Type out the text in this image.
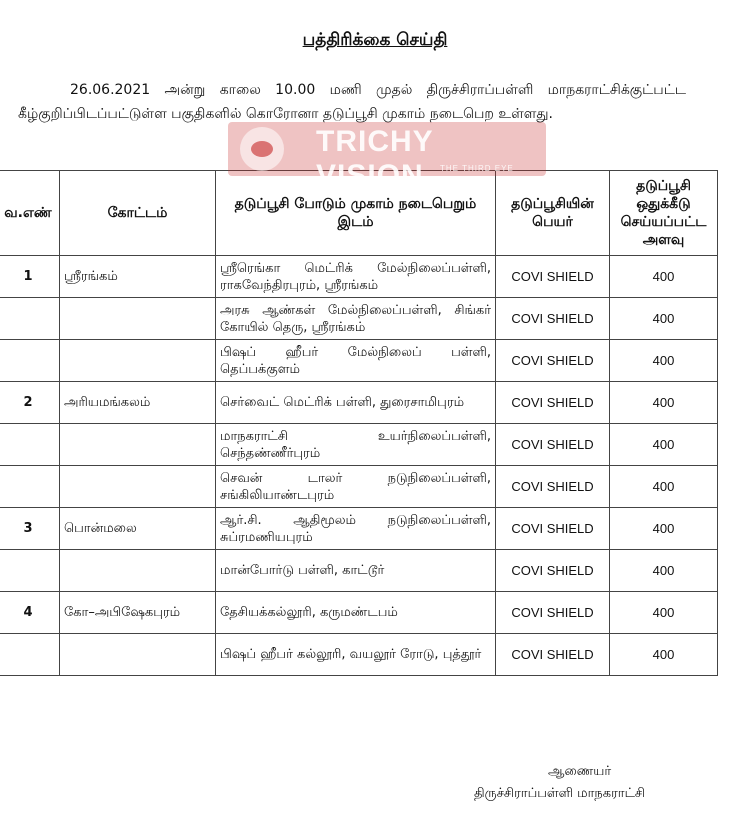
பத்திரிக்கை செய்தி
26.06.2021 அன்று காலை 10.00 மணி முதல் திருச்சிராப்பள்ளி மாநகராட்சிக்குட்பட்ட கீழ்குறிப்பிடப்பட்டுள்ள பகுதிகளில் கொரோனா தடுப்பூசி முகாம் நடைபெற உள்ளது.
வ.எண்	கோட்டம்	தடுப்பூசி போடும் முகாம் நடைபெறும் இடம்	தடுப்பூசியின் பெயர்	தடுப்பூசி ஒதுக்கீடு செய்யப்பட்ட அளவு
1	ஸ்ரீரங்கம்	ஸ்ரீரெங்கா மெட்ரிக் மேல்நிலைப்பள்ளி, ராகவேந்திரபுரம், ஸ்ரீரங்கம்	COVI SHIELD	400
		அரசு ஆண்கள் மேல்நிலைப்பள்ளி, சிங்கர் கோயில் தெரு, ஸ்ரீரங்கம்	COVI SHIELD	400
		பிஷப் ஹீபர் மேல்நிலைப் பள்ளி, தெப்பக்குளம்	COVI SHIELD	400
2	அரியமங்கலம்	செர்வைட் மெட்ரிக் பள்ளி, துரைசாமிபுரம்	COVI SHIELD	400
		மாநகராட்சி உயர்நிலைப்பள்ளி, செந்தண்ணீர்புரம்	COVI SHIELD	400
		செவன் டாலர் நடுநிலைப்பள்ளி, சங்கிலியாண்டபுரம்	COVI SHIELD	400
3	பொன்மலை	ஆர்.சி. ஆதிமூலம் நடுநிலைப்பள்ளி, சுப்ரமணியபுரம்	COVI SHIELD	400
		மான்போர்டு பள்ளி, காட்டூர்	COVI SHIELD	400
4	கோ–அபிஷேகபுரம்	தேசியக்கல்லூரி, கருமண்டபம்	COVI SHIELD	400
		பிஷப் ஹீபர் கல்லூரி, வயலூர் ரோடு, புத்தூர்	COVI SHIELD	400
TRICHY VISION	THE THIRD EYE
ஆணையர்
திருச்சிராப்பள்ளி மாநகராட்சி
